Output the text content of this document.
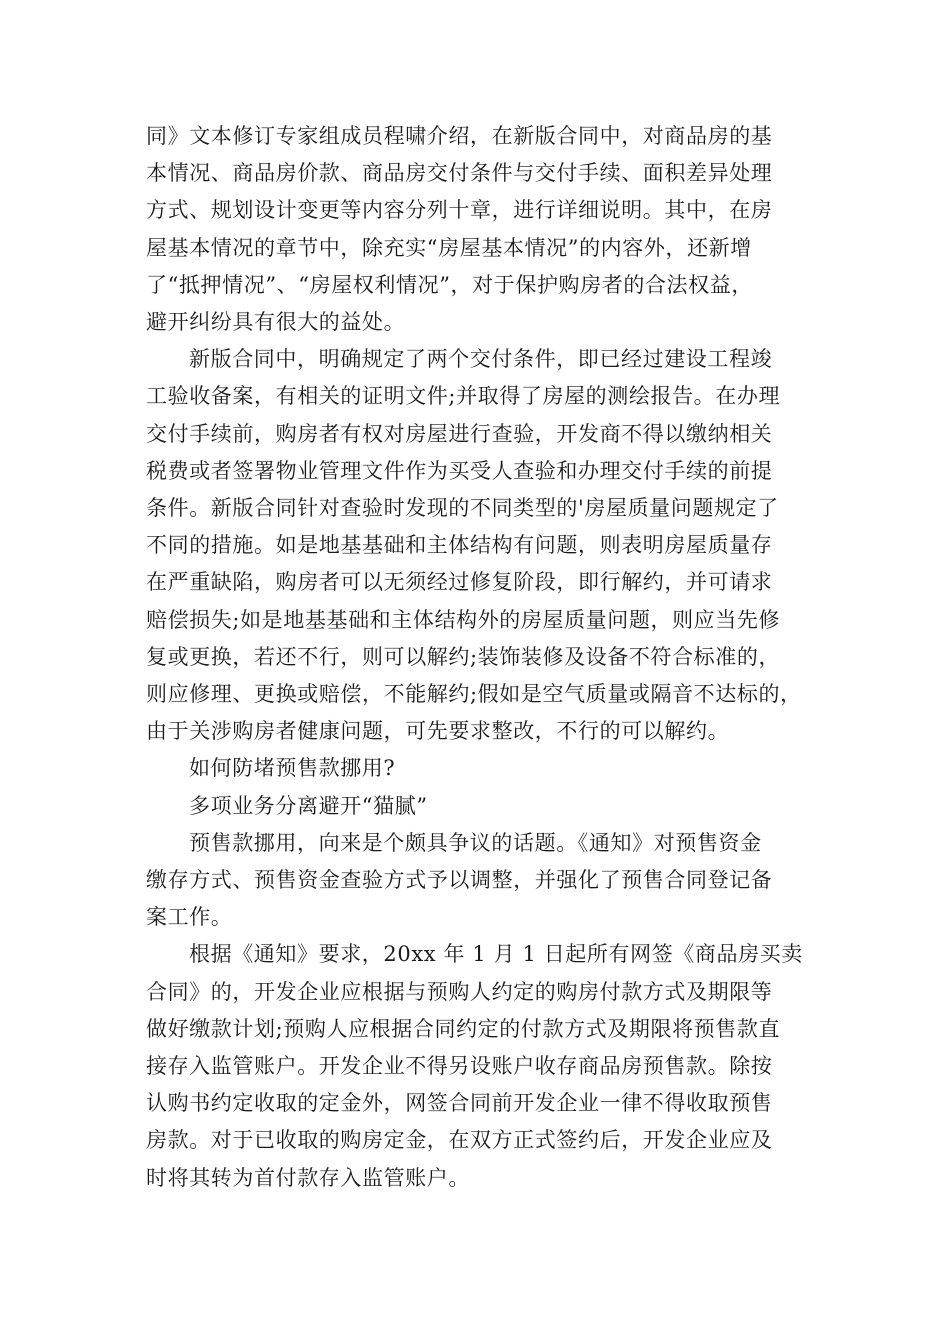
同》文本修订专家组成员程啸介绍，在新版合同中，对商品房的基

本情况、商品房价款、商品房交付条件与交付手续、面积差异处理

方式、规划设计变更等内容分列十章，进行详细说明。其中，在房

屋基本情况的章节中，除充实“房屋基本情况”的内容外，还新增

了“抵押情况”、“房屋权利情况”，对于保护购房者的合法权益，

避开纠纷具有很大的益处。

新版合同中，明确规定了两个交付条件，即已经过建设工程竣

工验收备案，有相关的证明文件;并取得了房屋的测绘报告。在办理

交付手续前，购房者有权对房屋进行查验，开发商不得以缴纳相关

税费或者签署物业管理文件作为买受人查验和办理交付手续的前提

条件。新版合同针对查验时发现的不同类型的'房屋质量问题规定了

不同的措施。如是地基基础和主体结构有问题，则表明房屋质量存

在严重缺陷，购房者可以无须经过修复阶段，即行解约，并可请求

赔偿损失;如是地基基础和主体结构外的房屋质量问题，则应当先修

复或更换，若还不行，则可以解约;装饰装修及设备不符合标准的，

则应修理、更换或赔偿，不能解约;假如是空气质量或隔音不达标的，

由于关涉购房者健康问题，可先要求整改，不行的可以解约。

如何防堵预售款挪用?

多项业务分离避开“猫腻”

预售款挪用，向来是个颇具争议的话题。《通知》对预售资金

缴存方式、预售资金查验方式予以调整，并强化了预售合同登记备

案工作。

根据《通知》要求，20xx 年 1 月 1 日起所有网签《商品房买卖

合同》的，开发企业应根据与预购人约定的购房付款方式及期限等

做好缴款计划;预购人应根据合同约定的付款方式及期限将预售款直

接存入监管账户。开发企业不得另设账户收存商品房预售款。除按

认购书约定收取的定金外，网签合同前开发企业一律不得收取预售

房款。对于已收取的购房定金，在双方正式签约后，开发企业应及

时将其转为首付款存入监管账户。
